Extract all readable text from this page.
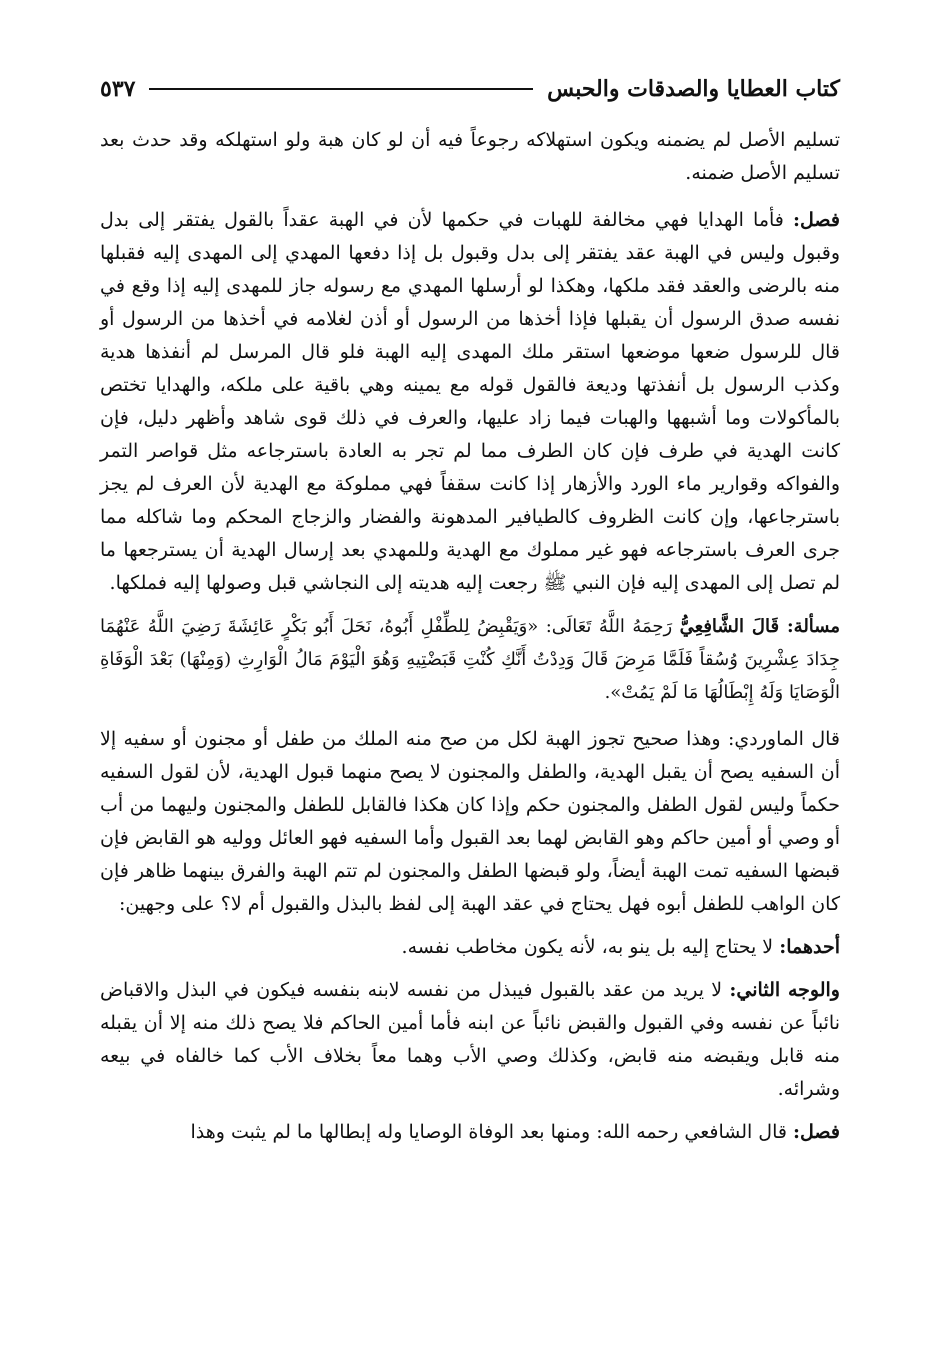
كتاب العطايا والصدقات والحبس
٥٣٧

تسليم الأصل لم يضمنه ويكون استهلاكه رجوعاً فيه أن لو كان هبة ولو استهلكه وقد حدث بعد تسليم الأصل ضمنه.

فصل: فأما الهدايا فهي مخالفة للهبات في حكمها لأن في الهبة عقداً بالقول يفتقر إلى بدل وقبول وليس في الهبة عقد يفتقر إلى بدل وقبول بل إذا دفعها المهدي إلى المهدى إليه فقبلها منه بالرضى والعقد فقد ملكها، وهكذا لو أرسلها المهدي مع رسوله جاز للمهدى إليه إذا وقع في نفسه صدق الرسول أن يقبلها فإذا أخذها من الرسول أو أذن لغلامه في أخذها من الرسول أو قال للرسول ضعها موضعها استقر ملك المهدى إليه الهبة فلو قال المرسل لم أنفذها هدية وكذب الرسول بل أنفذتها وديعة فالقول قوله مع يمينه وهي باقية على ملكه، والهدايا تختص بالمأكولات وما أشبهها والهبات فيما زاد عليها، والعرف في ذلك قوى شاهد وأظهر دليل، فإن كانت الهدية في طرف فإن كان الطرف مما لم تجر به العادة باسترجاعه مثل قواصر التمر والفواكه وقوارير ماء الورد والأزهار إذا كانت سقفاً فهي مملوكة مع الهدية لأن العرف لم يجز باسترجاعها، وإن كانت الظروف كالطيافير المدهونة والفضار والزجاج المحكم وما شاكله مما جرى العرف باسترجاعه فهو غير مملوك مع الهدية وللمهدي بعد إرسال الهدية أن يسترجعها ما لم تصل إلى المهدى إليه فإن النبي ﷺ رجعت إليه هديته إلى النجاشي قبل وصولها إليه فملكها.

مسألة: قَالَ الشَّافِعِيُّ رَحِمَهُ اللَّهُ تَعَالَى: «وَيَقْبِضُ لِلطِّفْلِ أَبُوهُ، نَحَلَ أَبُو بَكْرٍ عَائِشَةَ رَضِيَ اللَّهُ عَنْهُمَا جِدَادَ عِشْرِينَ وُسُقاً فَلَمَّا مَرِضَ قَالَ وَدِدْتُ أَنَّكِ كُنْتِ قَبَضْتِيهِ وَهُوَ الْيَوْمَ مَالُ الْوَارِثِ (وَمِنْهَا) بَعْدَ الْوَفَاةِ الْوَصَايَا وَلَهُ إِبْطَالُهَا مَا لَمْ يَمُتْ».

قال الماوردي: وهذا صحيح تجوز الهبة لكل من صح منه الملك من طفل أو مجنون أو سفيه إلا أن السفيه يصح أن يقبل الهدية، والطفل والمجنون لا يصح منهما قبول الهدية، لأن لقول السفيه حكماً وليس لقول الطفل والمجنون حكم وإذا كان هكذا فالقابل للطفل والمجنون وليهما من أب أو وصي أو أمين حاكم وهو القابض لهما بعد القبول وأما السفيه فهو العائل ووليه هو القابض فإن قبضها السفيه تمت الهبة أيضاً، ولو قبضها الطفل والمجنون لم تتم الهبة والفرق بينهما ظاهر فإن كان الواهب للطفل أبوه فهل يحتاج في عقد الهبة إلى لفظ بالبذل والقبول أم لا؟ على وجهين:

أحدهما: لا يحتاج إليه بل ينو به، لأنه يكون مخاطب نفسه.

والوجه الثاني: لا يريد من عقد بالقبول فيبذل من نفسه لابنه بنفسه فيكون في البذل والاقباض نائباً عن نفسه وفي القبول والقبض نائباً عن ابنه فأما أمين الحاكم فلا يصح ذلك منه إلا أن يقبله منه قابل ويقبضه منه قابض، وكذلك وصي الأب وهما معاً بخلاف الأب كما خالفاه في بيعه وشرائه.

فصل: قال الشافعي رحمه الله: ومنها بعد الوفاة الوصايا وله إبطالها ما لم يثبت وهذا
